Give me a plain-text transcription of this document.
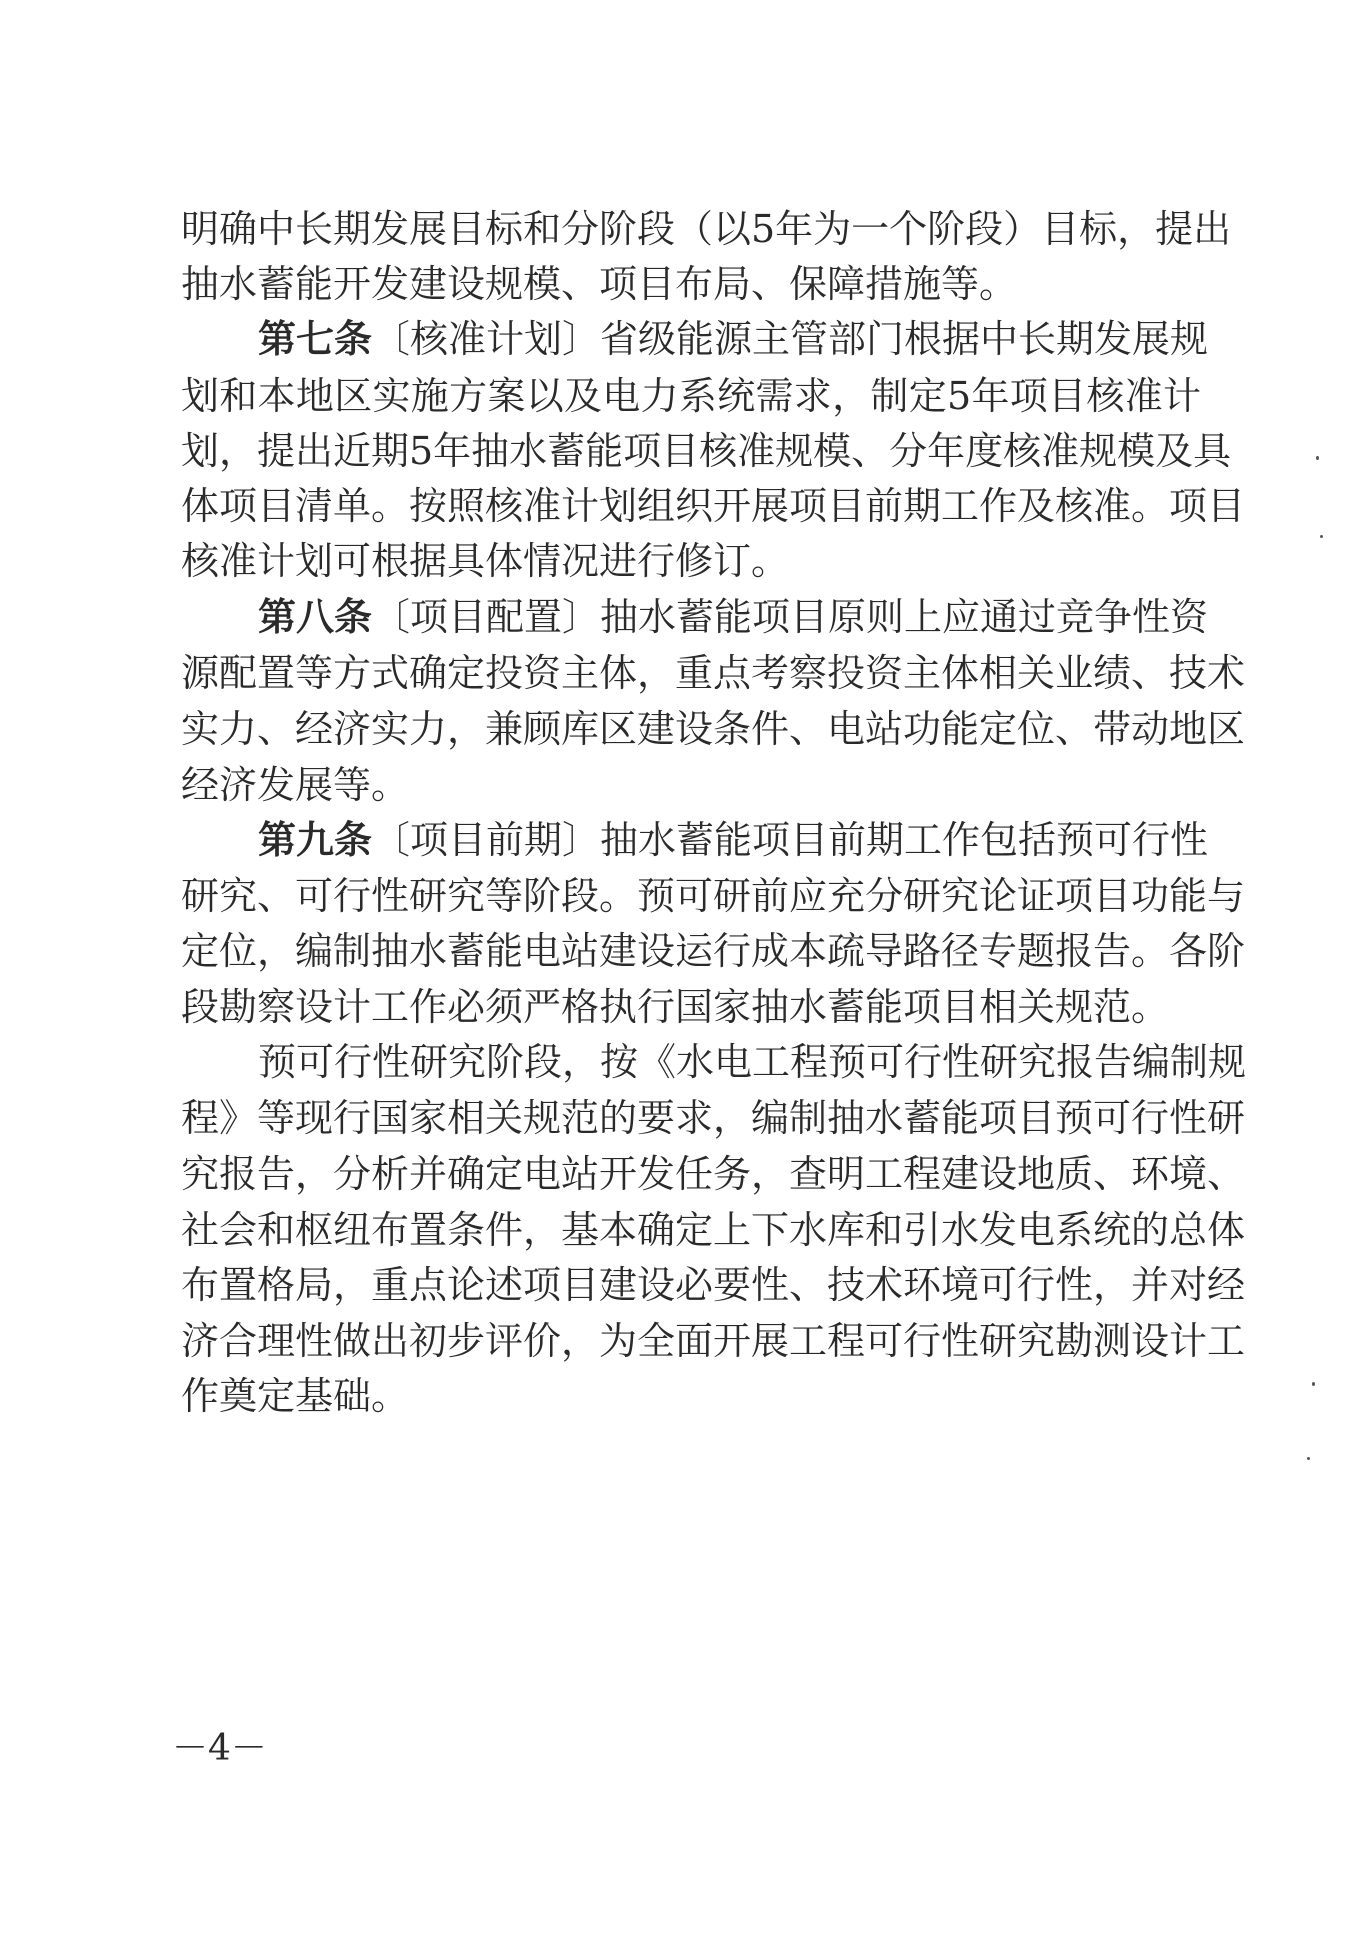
明确中长期发展目标和分阶段（以5年为一个阶段）目标，提出
抽水蓄能开发建设规模、项目布局、保障措施等。
第七条〔核准计划〕省级能源主管部门根据中长期发展规
划和本地区实施方案以及电力系统需求，制定5年项目核准计
划，提出近期5年抽水蓄能项目核准规模、分年度核准规模及具
体项目清单。按照核准计划组织开展项目前期工作及核准。项目
核准计划可根据具体情况进行修订。
第八条〔项目配置〕抽水蓄能项目原则上应通过竞争性资
源配置等方式确定投资主体，重点考察投资主体相关业绩、技术
实力、经济实力，兼顾库区建设条件、电站功能定位、带动地区
经济发展等。
第九条〔项目前期〕抽水蓄能项目前期工作包括预可行性
研究、可行性研究等阶段。预可研前应充分研究论证项目功能与
定位，编制抽水蓄能电站建设运行成本疏导路径专题报告。各阶
段勘察设计工作必须严格执行国家抽水蓄能项目相关规范。
预可行性研究阶段，按《水电工程预可行性研究报告编制规
程》等现行国家相关规范的要求，编制抽水蓄能项目预可行性研
究报告，分析并确定电站开发任务，查明工程建设地质、环境、
社会和枢纽布置条件，基本确定上下水库和引水发电系统的总体
布置格局，重点论述项目建设必要性、技术环境可行性，并对经
济合理性做出初步评价，为全面开展工程可行性研究勘测设计工
作奠定基础。
－4－
